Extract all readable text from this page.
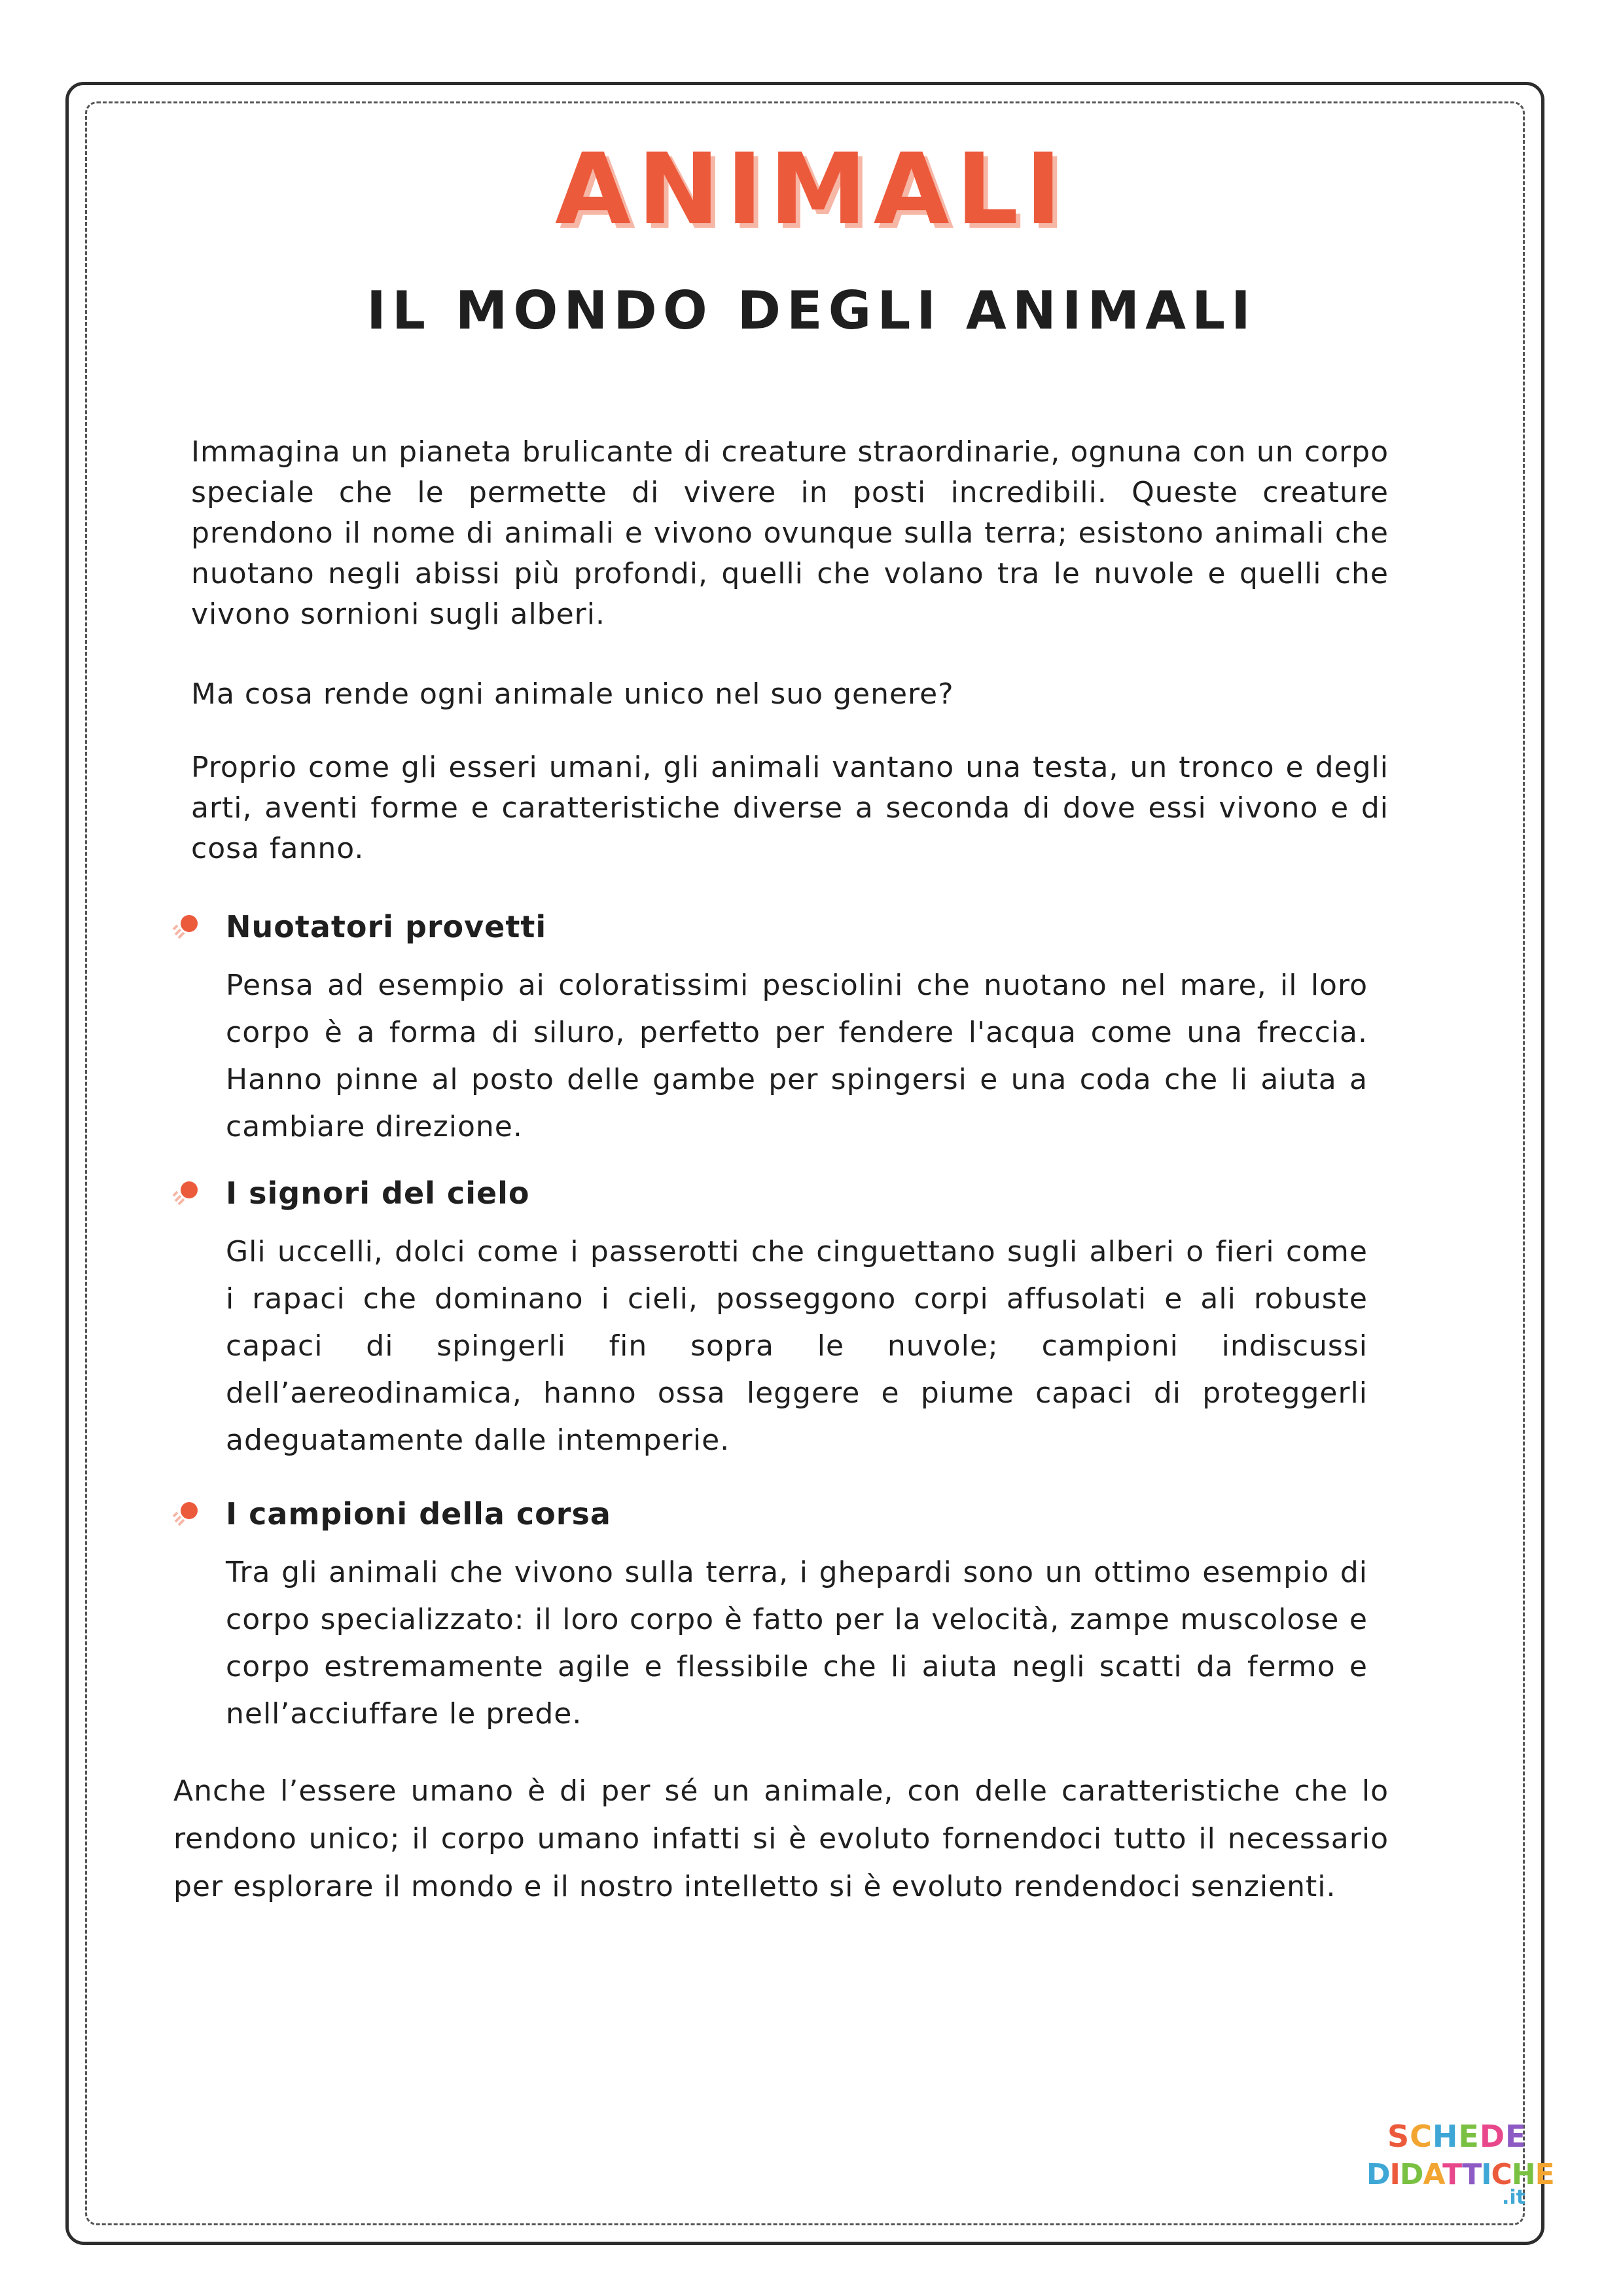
ANIMALI
IL MONDO DEGLI ANIMALI

Immagina un pianeta brulicante di creature straordinarie, ognuna con un corpo speciale che le permette di vivere in posti incredibili. Queste creature prendono il nome di animali e vivono ovunque sulla terra; esistono animali che nuotano negli abissi più profondi, quelli che volano tra le nuvole e quelli che vivono sornioni sugli alberi.

Ma cosa rende ogni animale unico nel suo genere?

Proprio come gli esseri umani, gli animali vantano una testa, un tronco e degli arti, aventi forme e caratteristiche diverse a seconda di dove essi vivono e di cosa fanno.

Nuotatori provetti

Pensa ad esempio ai coloratissimi pesciolini che nuotano nel mare, il loro corpo è a forma di siluro, perfetto per fendere l'acqua come una freccia. Hanno pinne al posto delle gambe per spingersi e una coda che li aiuta a cambiare direzione.

I signori del cielo

Gli uccelli, dolci come i passerotti che cinguettano sugli alberi o fieri come i rapaci che dominano i cieli, posseggono corpi affusolati e ali robuste capaci di spingerli fin sopra le nuvole; campioni indiscussi dell’aereodinamica, hanno ossa leggere e piume capaci di proteggerli adeguatamente dalle intemperie.

I campioni della corsa

Tra gli animali che vivono sulla terra, i ghepardi sono un ottimo esempio di corpo specializzato: il loro corpo è fatto per la velocità, zampe muscolose e corpo estremamente agile e flessibile che li aiuta negli scatti da fermo e nell’acciuffare le prede.

Anche l’essere umano è di per sé un animale, con delle caratteristiche che lo rendono unico; il corpo umano infatti si è evoluto fornendoci tutto il necessario per esplorare il mondo e il nostro intelletto si è evoluto rendendoci senzienti.

SCHEDE
DIDATTICHE
.it
